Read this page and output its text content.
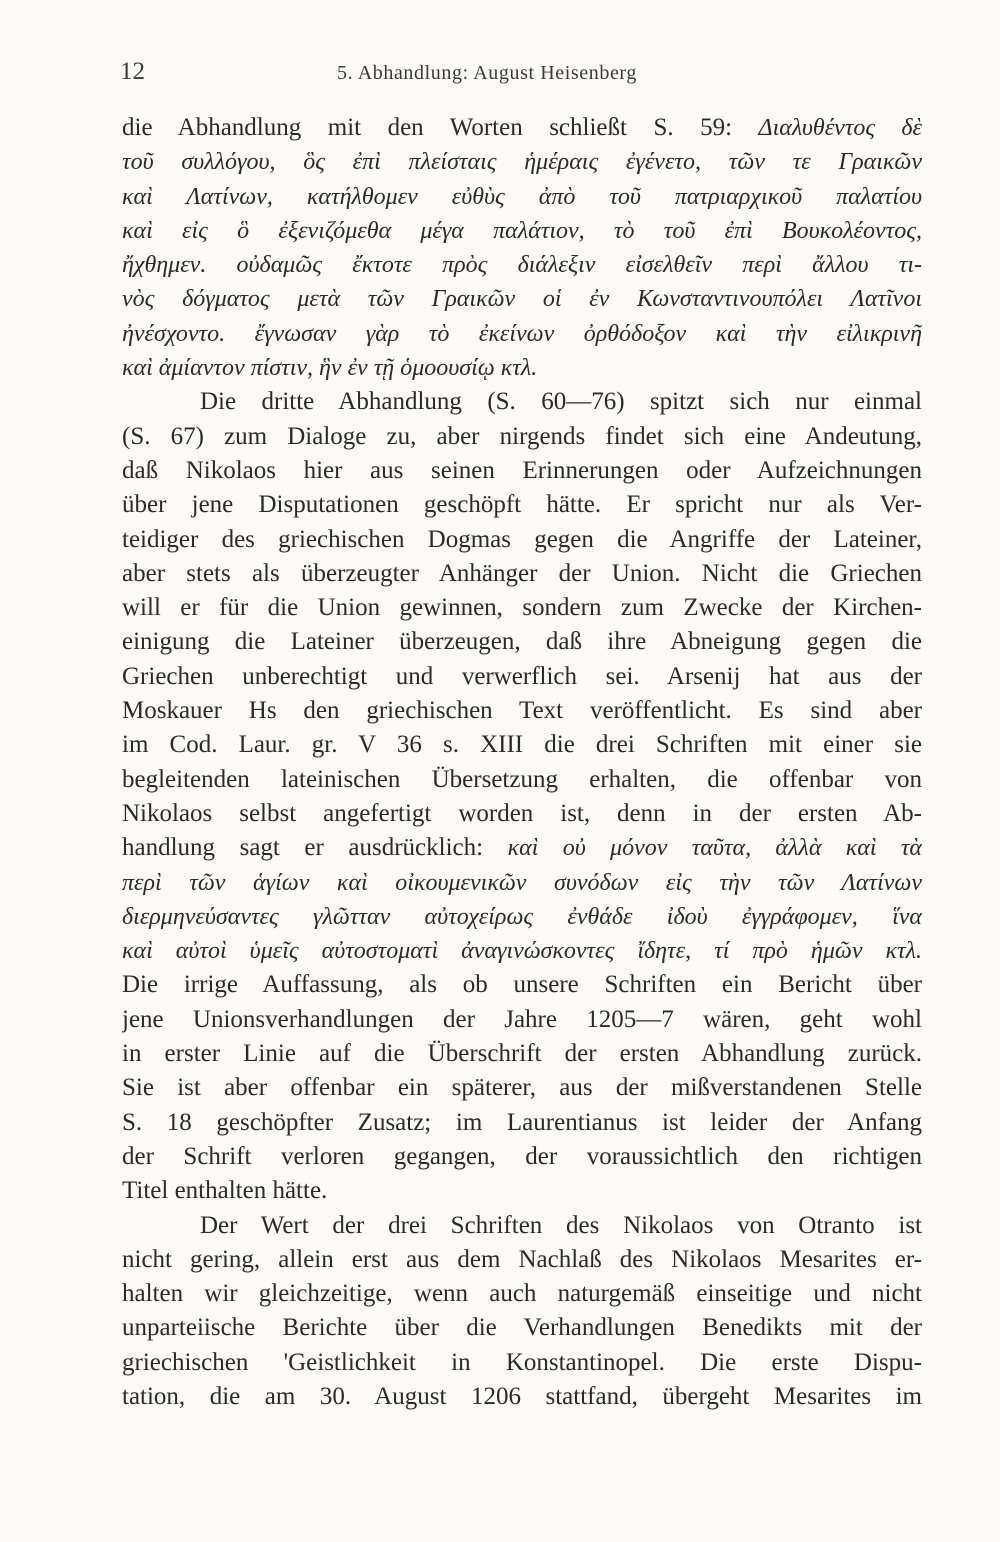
12	5. Abhandlung: August Heisenberg
die Abhandlung mit den Worten schließt S. 59: Διαλυθέντος δὲ
τοῦ συλλόγου, ὃς ἐπὶ πλείσταις ἡμέραις ἐγένετο, τῶν τε Γραικῶν
καὶ Λατίνων, κατήλθομεν εὐθὺς ἀπὸ τοῦ πατριαρχικοῦ παλατίου
καὶ εἰς ὃ ἐξενιζόμεθα μέγα παλάτιον, τὸ τοῦ ἐπὶ Βουκολέοντος,
ἤχθημεν. οὐδαμῶς ἔκτοτε πρὸς διάλεξιν εἰσελθεῖν περὶ ἄλλου τι-
νὸς δόγματος μετὰ τῶν Γραικῶν οἱ ἐν Κωνσταντινουπόλει Λατῖνοι
ἠνέσχοντο. ἔγνωσαν γὰρ τὸ ἐκείνων ὀρθόδοξον καὶ τὴν εἰλικρινῆ
καὶ ἀμίαντον πίστιν, ἣν ἐν τῇ ὁμοουσίῳ κτλ.
Die dritte Abhandlung (S. 60—76) spitzt sich nur einmal
(S. 67) zum Dialoge zu, aber nirgends findet sich eine Andeutung,
daß Nikolaos hier aus seinen Erinnerungen oder Aufzeichnungen
über jene Disputationen geschöpft hätte. Er spricht nur als Ver-
teidiger des griechischen Dogmas gegen die Angriffe der Lateiner,
aber stets als überzeugter Anhänger der Union. Nicht die Griechen
will er für die Union gewinnen, sondern zum Zwecke der Kirchen-
einigung die Lateiner überzeugen, daß ihre Abneigung gegen die
Griechen unberechtigt und verwerflich sei. Arsenij hat aus der
Moskauer Hs den griechischen Text veröffentlicht. Es sind aber
im Cod. Laur. gr. V 36 s. XIII die drei Schriften mit einer sie
begleitenden lateinischen Übersetzung erhalten, die offenbar von
Nikolaos selbst angefertigt worden ist, denn in der ersten Ab-
handlung sagt er ausdrücklich: καὶ οὐ μόνον ταῦτα, ἀλλὰ καὶ τὰ
περὶ τῶν ἁγίων καὶ οἰκουμενικῶν συνόδων εἰς τὴν τῶν Λατίνων
διερμηνεύσαντες γλῶτταν αὐτοχείρως ἐνθάδε ἰδοὺ ἐγγράφομεν, ἵνα
καὶ αὐτοὶ ὑμεῖς αὐτοστοματὶ ἀναγινώσκοντες ἴδητε, τί πρὸ ἡμῶν κτλ.
Die irrige Auffassung, als ob unsere Schriften ein Bericht über
jene Unionsverhandlungen der Jahre 1205—7 wären, geht wohl
in erster Linie auf die Überschrift der ersten Abhandlung zurück.
Sie ist aber offenbar ein späterer, aus der mißverstandenen Stelle
S. 18 geschöpfter Zusatz; im Laurentianus ist leider der Anfang
der Schrift verloren gegangen, der voraussichtlich den richtigen
Titel enthalten hätte.
Der Wert der drei Schriften des Nikolaos von Otranto ist
nicht gering, allein erst aus dem Nachlaß des Nikolaos Mesarites er-
halten wir gleichzeitige, wenn auch naturgemäß einseitige und nicht
unparteiische Berichte über die Verhandlungen Benedikts mit der
griechischen 'Geistlichkeit in Konstantinopel. Die erste Dispu-
tation, die am 30. August 1206 stattfand, übergeht Mesarites im
